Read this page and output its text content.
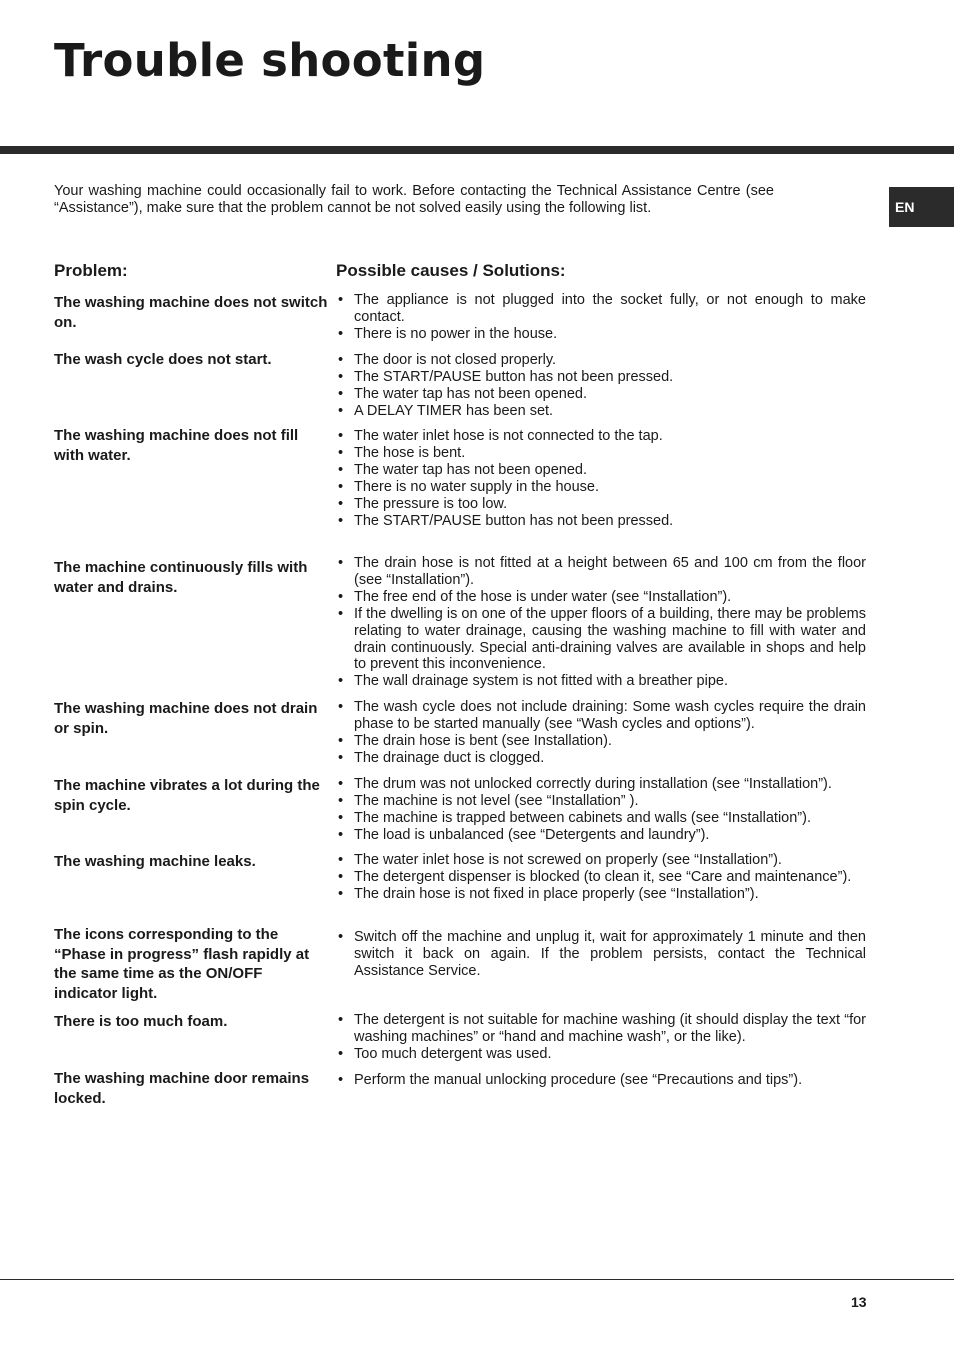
Trouble shooting
EN

Your washing machine could occasionally fail to work. Before contacting the Technical Assistance Centre (see “Assistance”), make sure that the problem cannot be not solved easily using the following list.

Problem:	Possible causes / Solutions:

The washing machine does not switch on.

• The appliance is not plugged into the socket fully, or not enough to make contact.
• There is no power in the house.

The wash cycle does not start.	• The door is not closed properly.
• The START/PAUSE button has not been pressed.
• The water tap has not been opened.
• A DELAY TIMER has been set.

The washing machine does not fill with water.

• The water inlet hose is not connected to the tap.
• The hose is bent.
• The water tap has not been opened.
• There is no water supply in the house.
• The pressure is too low.
• The START/PAUSE button has not been pressed.

The machine continuously fills with water and drains.

• The drain hose is not fitted at a height between 65 and 100 cm from the floor (see “Installation”).
• The free end of the hose is under water (see “Installation”).
• If the dwelling is on one of the upper floors of a building, there may be problems relating to water drainage, causing the washing machine to fill with water and drain continuously. Special anti-draining valves are available in shops and help to prevent this inconvenience.
• The wall drainage system is not fitted with a breather pipe.

The washing machine does not drain or spin.

• The wash cycle does not include draining: Some wash cycles require the drain phase to be started manually (see “Wash cycles and options”).
• The drain hose is bent (see Installation).
• The drainage duct is clogged.

The machine vibrates a lot during the spin cycle.

• The drum was not unlocked correctly during installation (see “Installation”).
• The machine is not level (see “Installation” ).
• The machine is trapped between cabinets and walls (see “Installation”).
• The load is unbalanced (see “Detergents and laundry”).

The washing machine leaks.	• The water inlet hose is not screwed on properly (see “Installation”).
• The detergent dispenser is blocked (to clean it, see “Care and maintenance”).
• The drain hose is not fixed in place properly (see “Installation”).

The icons corresponding to the “Phase in progress” flash rapidly at the same time as the ON/OFF indicator light.

• Switch off the machine and unplug it, wait for approximately 1 minute and then switch it back on again. If the problem persists, contact the Technical Assistance Service.

There is too much foam.	• The detergent is not suitable for machine washing (it should display the text “for washing machines” or “hand and machine wash”, or the like).
• Too much detergent was used.

The washing machine door remains locked.

• Perform the manual unlocking procedure (see “Precautions and tips”).

13
